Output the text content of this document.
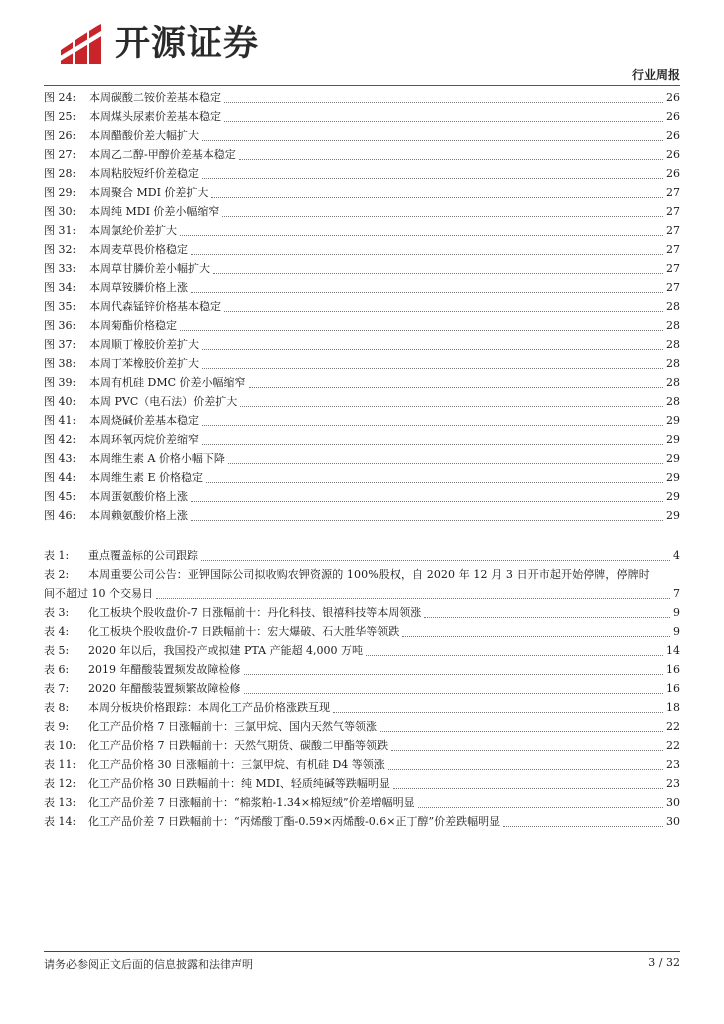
开源证券
行业周报
图 24:	本周碳酸二铵价差基本稳定	26
图 25:	本周煤头尿素价差基本稳定	26
图 26:	本周醋酸价差大幅扩大	26
图 27:	本周乙二醇-甲醇价差基本稳定	26
图 28:	本周粘胶短纤价差稳定	26
图 29:	本周聚合 MDI 价差扩大	27
图 30:	本周纯 MDI 价差小幅缩窄	27
图 31:	本周氯纶价差扩大	27
图 32:	本周麦草畏价格稳定	27
图 33:	本周草甘膦价差小幅扩大	27
图 34:	本周草铵膦价格上涨	27
图 35:	本周代森锰锌价格基本稳定	28
图 36:	本周菊酯价格稳定	28
图 37:	本周顺丁橡胶价差扩大	28
图 38:	本周丁苯橡胶价差扩大	28
图 39:	本周有机硅 DMC 价差小幅缩窄	28
图 40:	本周 PVC（电石法）价差扩大	28
图 41:	本周烧碱价差基本稳定	29
图 42:	本周环氧丙烷价差缩窄	29
图 43:	本周维生素 A 价格小幅下降	29
图 44:	本周维生素 E 价格稳定	29
图 45:	本周蛋氨酸价格上涨	29
图 46:	本周赖氨酸价格上涨	29
表 1:	重点覆盖标的公司跟踪	4
表 2:	本周重要公司公告：亚钾国际公司拟收购农钾资源的 100%股权，自 2020 年 12 月 3 日开市起开始停牌，停牌时
间不超过 10 个交易日	7
表 3:	化工板块个股收盘价-7 日涨幅前十：丹化科技、银禧科技等本周领涨	9
表 4:	化工板块个股收盘价-7 日跌幅前十：宏大爆破、石大胜华等领跌	9
表 5:	2020 年以后，我国投产或拟建 PTA 产能超 4,000 万吨	14
表 6:	2019 年醋酸装置频发故障检修	16
表 7:	2020 年醋酸装置频繁故障检修	16
表 8:	本周分板块价格跟踪：本周化工产品价格涨跌互现	18
表 9:	化工产品价格 7 日涨幅前十：三氯甲烷、国内天然气等领涨	22
表 10:	化工产品价格 7 日跌幅前十：天然气期货、碳酸二甲酯等领跌	22
表 11:	化工产品价格 30 日涨幅前十：三氯甲烷、有机硅 D4 等领涨	23
表 12:	化工产品价格 30 日跌幅前十：纯 MDI、轻质纯碱等跌幅明显	23
表 13:	化工产品价差 7 日涨幅前十：“棉浆粕-1.34×棉短绒”价差增幅明显	30
表 14:	化工产品价差 7 日跌幅前十：“丙烯酸丁酯-0.59×丙烯酸-0.6×正丁醇”价差跌幅明显	30
请务必参阅正文后面的信息披露和法律声明	3 / 32
